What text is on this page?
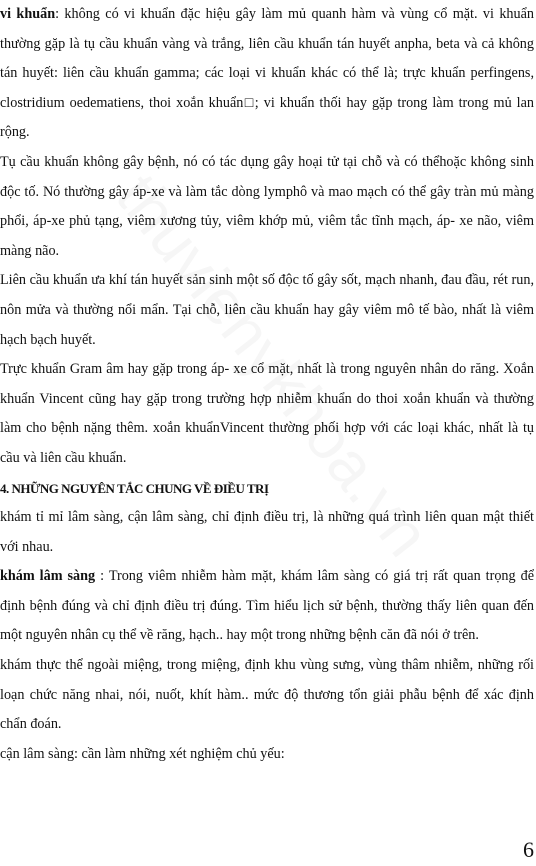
vi khuẩn: không có vi khuẩn đặc hiệu gây làm mủ quanh hàm và vùng cổ mặt. vi khuẩn thường gặp là tụ cầu khuẩn vàng và trắng, liên cầu khuẩn tán huyết anpha, beta và cả không tán huyết: liên cầu khuẩn gamma; các loại vi khuẩn khác có thể là; trực khuẩn perfingens, clostridium oedematiens, thoi xoắn khuẩn□; vi khuẩn thối hay gặp trong làm trong mủ lan rộng.

Tụ cầu khuẩn không gây bệnh, nó có tác dụng gây hoại tử tại chỗ và có thểhoặc không sinh độc tố. Nó thường gây áp-xe và làm tắc dòng lymphô và mao mạch có thể gây tràn mủ màng phổi, áp-xe phủ tạng, viêm xương tủy, viêm khớp mủ, viêm tắc tĩnh mạch, áp- xe não, viêm màng não.

Liên cầu khuẩn ưa khí tán huyết sản sinh một số độc tố gây sốt, mạch nhanh, đau đầu, rét run, nôn mửa và thường nổi mẩn. Tại chỗ, liên cầu khuẩn hay gây viêm mô tế bào, nhất là viêm hạch bạch huyết.

Trực khuẩn Gram âm hay gặp trong áp- xe cổ mặt, nhất là trong nguyên nhân do răng. Xoắn khuẩn Vincent cũng hay gặp trong trường hợp nhiễm khuẩn do thoi xoắn khuẩn và thường làm cho bệnh nặng thêm. xoắn khuẩnVincent thường phối hợp với các loại khác, nhất là tụ cầu và liên cầu khuẩn.

4. NHỮNG NGUYÊN TẮC CHUNG VỀ ĐIỀU TRỊ

khám tỉ mỉ lâm sàng, cận lâm sàng, chỉ định điều trị, là những quá trình liên quan mật thiết với nhau.

khám lâm sàng : Trong viêm nhiễm hàm mặt, khám lâm sàng có giá trị rất quan trọng để định bệnh đúng và chỉ định điều trị đúng. Tìm hiểu lịch sử bệnh, thường thấy liên quan đến một nguyên nhân cụ thể về răng, hạch.. hay một trong những bệnh căn đã nói ở trên.

khám thực thể ngoài miệng, trong miệng, định khu vùng sưng, vùng thâm nhiễm, những rối loạn chức năng nhai, nói, nuốt, khít hàm.. mức độ thương tổn giải phẫu bệnh để xác định chẩn đoán.

cận lâm sàng: cần làm những xét nghiệm chủ yếu:

6
